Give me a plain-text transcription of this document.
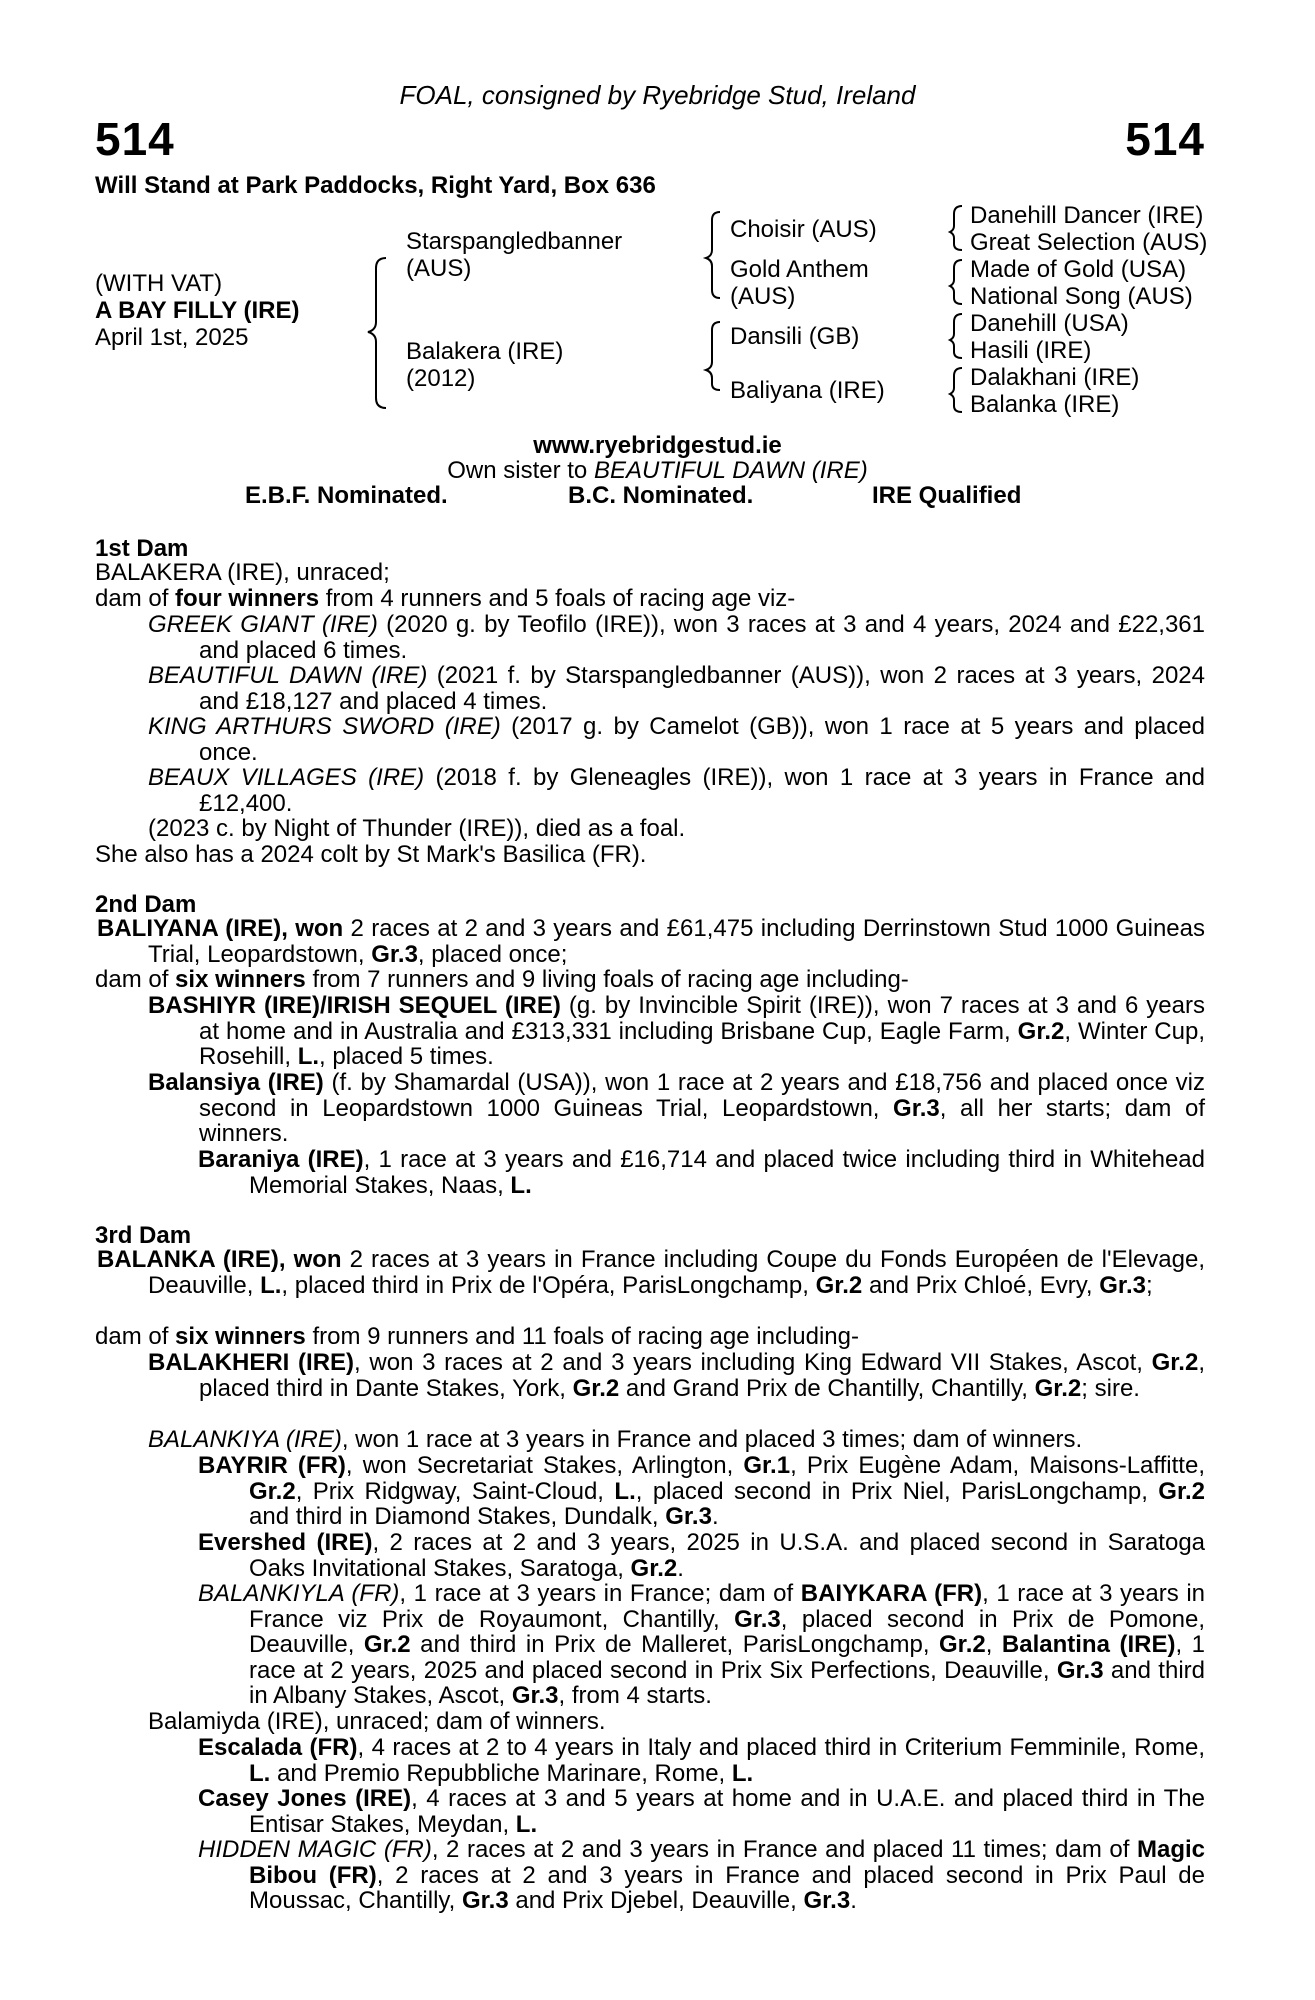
FOAL, consigned by Ryebridge Stud, Ireland
514	514
Will Stand at Park Paddocks, Right Yard, Box 636
(WITH VAT)
A BAY FILLY (IRE)
April 1st, 2025
Starspangledbanner
(AUS)
Balakera (IRE)
(2012)
Choisir (AUS)
Gold Anthem
(AUS)
Dansili (GB)
Baliyana (IRE)
Danehill Dancer (IRE)
Great Selection (AUS)
Made of Gold (USA)
National Song (AUS)
Danehill (USA)
Hasili (IRE)
Dalakhani (IRE)
Balanka (IRE)
www.ryebridgestud.ie
Own sister to BEAUTIFUL DAWN (IRE)
E.B.F. Nominated.	B.C. Nominated.	IRE Qualified
1st Dam
BALAKERA (IRE), unraced;
dam of four winners from 4 runners and 5 foals of racing age viz-
GREEK GIANT (IRE) (2020 g. by Teofilo (IRE)), won 3 races at 3 and 4 years, 2024 and £22,361 and placed 6 times.
BEAUTIFUL DAWN (IRE) (2021 f. by Starspangledbanner (AUS)), won 2 races at 3 years, 2024 and £18,127 and placed 4 times.
KING ARTHURS SWORD (IRE) (2017 g. by Camelot (GB)), won 1 race at 5 years and placed once.
BEAUX VILLAGES (IRE) (2018 f. by Gleneagles (IRE)), won 1 race at 3 years in France and £12,400.
(2023 c. by Night of Thunder (IRE)), died as a foal.
She also has a 2024 colt by St Mark's Basilica (FR).
2nd Dam
BALIYANA (IRE), won 2 races at 2 and 3 years and £61,475 including Derrinstown Stud 1000 Guineas Trial, Leopardstown, Gr.3, placed once;
dam of six winners from 7 runners and 9 living foals of racing age including-
BASHIYR (IRE)/IRISH SEQUEL (IRE) (g. by Invincible Spirit (IRE)), won 7 races at 3 and 6 years at home and in Australia and £313,331 including Brisbane Cup, Eagle Farm, Gr.2, Winter Cup, Rosehill, L., placed 5 times.
Balansiya (IRE) (f. by Shamardal (USA)), won 1 race at 2 years and £18,756 and placed once viz second in Leopardstown 1000 Guineas Trial, Leopardstown, Gr.3, all her starts; dam of winners.
Baraniya (IRE), 1 race at 3 years and £16,714 and placed twice including third in Whitehead Memorial Stakes, Naas, L.
3rd Dam
BALANKA (IRE), won 2 races at 3 years in France including Coupe du Fonds Européen de l'Elevage, Deauville, L., placed third in Prix de l'Opéra, ParisLongchamp, Gr.2 and Prix Chloé, Evry, Gr.3;
dam of six winners from 9 runners and 11 foals of racing age including-
BALAKHERI (IRE), won 3 races at 2 and 3 years including King Edward VII Stakes, Ascot, Gr.2, placed third in Dante Stakes, York, Gr.2 and Grand Prix de Chantilly, Chantilly, Gr.2; sire.
BALANKIYA (IRE), won 1 race at 3 years in France and placed 3 times; dam of winners.
BAYRIR (FR), won Secretariat Stakes, Arlington, Gr.1, Prix Eugène Adam, Maisons-Laffitte, Gr.2, Prix Ridgway, Saint-Cloud, L., placed second in Prix Niel, ParisLongchamp, Gr.2 and third in Diamond Stakes, Dundalk, Gr.3.
Evershed (IRE), 2 races at 2 and 3 years, 2025 in U.S.A. and placed second in Saratoga Oaks Invitational Stakes, Saratoga, Gr.2.
BALANKIYLA (FR), 1 race at 3 years in France; dam of BAIYKARA (FR), 1 race at 3 years in France viz Prix de Royaumont, Chantilly, Gr.3, placed second in Prix de Pomone, Deauville, Gr.2 and third in Prix de Malleret, ParisLongchamp, Gr.2, Balantina (IRE), 1 race at 2 years, 2025 and placed second in Prix Six Perfections, Deauville, Gr.3 and third in Albany Stakes, Ascot, Gr.3, from 4 starts.
Balamiyda (IRE), unraced; dam of winners.
Escalada (FR), 4 races at 2 to 4 years in Italy and placed third in Criterium Femminile, Rome, L. and Premio Repubbliche Marinare, Rome, L.
Casey Jones (IRE), 4 races at 3 and 5 years at home and in U.A.E. and placed third in The Entisar Stakes, Meydan, L.
HIDDEN MAGIC (FR), 2 races at 2 and 3 years in France and placed 11 times; dam of Magic Bibou (FR), 2 races at 2 and 3 years in France and placed second in Prix Paul de Moussac, Chantilly, Gr.3 and Prix Djebel, Deauville, Gr.3.
